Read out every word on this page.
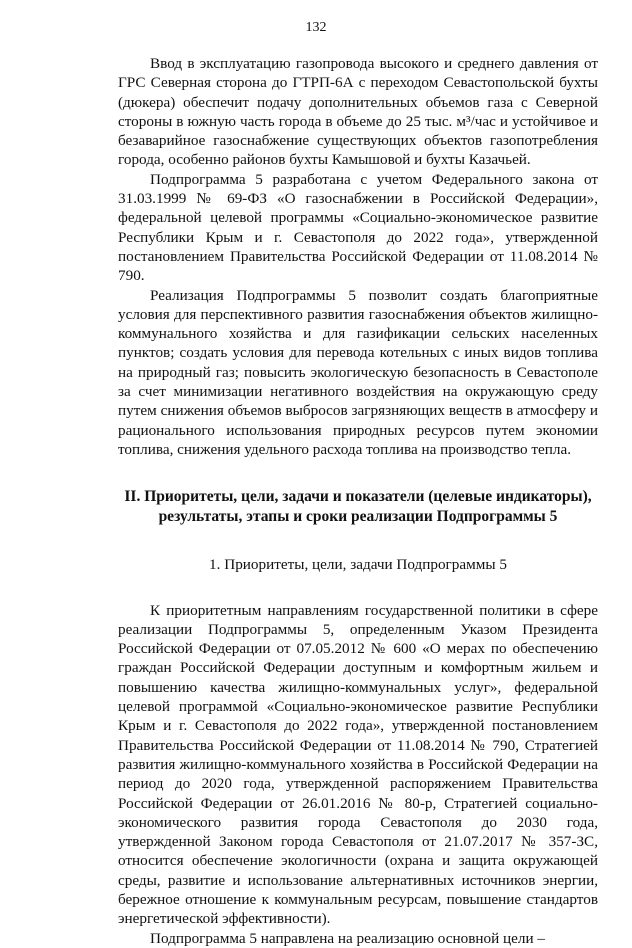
132

Ввод в эксплуатацию газопровода высокого и среднего давления от ГРС Северная сторона до ГТРП-6А с переходом Севастопольской бухты (дюкера) обеспечит подачу дополнительных объемов газа с Северной стороны в южную часть города в объеме до 25 тыс. м³/час и устойчивое и безаварийное газоснабжение существующих объектов газопотребления города, особенно районов бухты Камышовой и бухты Казачьей.

Подпрограмма 5 разработана с учетом Федерального закона от 31.03.1999 № 69-ФЗ «О газоснабжении в Российской Федерации», федеральной целевой программы «Социально-экономическое развитие Республики Крым и г. Севастополя до 2022 года», утвержденной постановлением Правительства Российской Федерации от 11.08.2014 № 790.

Реализация Подпрограммы 5 позволит создать благоприятные условия для перспективного развития газоснабжения объектов жилищно-коммунального хозяйства и для газификации сельских населенных пунктов; создать условия для перевода котельных с иных видов топлива на природный газ; повысить экологическую безопасность в Севастополе за счет минимизации негативного воздействия на окружающую среду путем снижения объемов выбросов загрязняющих веществ в атмосферу и рационального использования природных ресурсов путем экономии топлива, снижения удельного расхода топлива на производство тепла.

II. Приоритеты, цели, задачи и показатели (целевые индикаторы),
результаты, этапы и сроки реализации Подпрограммы 5

1. Приоритеты, цели, задачи Подпрограммы 5

К приоритетным направлениям государственной политики в сфере реализации Подпрограммы 5, определенным Указом Президента Российской Федерации от 07.05.2012 № 600 «О мерах по обеспечению граждан Российской Федерации доступным и комфортным жильем и повышению качества жилищно-коммунальных услуг», федеральной целевой программой «Социально-экономическое развитие Республики Крым и г. Севастополя до 2022 года», утвержденной постановлением Правительства Российской Федерации от 11.08.2014 № 790, Стратегией развития жилищно-коммунального хозяйства в Российской Федерации на период до 2020 года, утвержденной распоряжением Правительства Российской Федерации от 26.01.2016 № 80-р, Стратегией социально-экономического развития города Севастополя до 2030 года, утвержденной Законом города Севастополя от 21.07.2017 № 357-ЗС, относится обеспечение экологичности (охрана и защита окружающей среды, развитие и использование альтернативных источников энергии, бережное отношение к коммунальным ресурсам, повышение стандартов энергетической эффективности).

Подпрограмма 5 направлена на реализацию основной цели –
